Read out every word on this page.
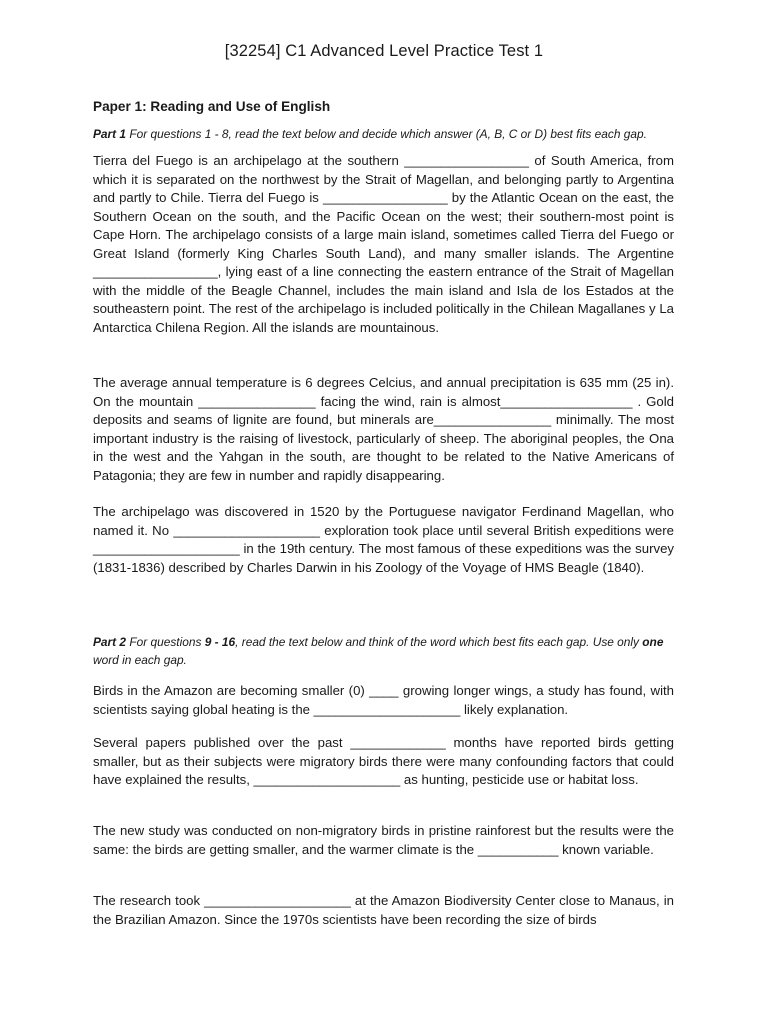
[32254] C1 Advanced Level Practice Test 1
Paper 1: Reading and Use of English
Part 1 For questions 1 - 8, read the text below and decide which answer (A, B, C or D) best fits each gap.

Tierra del Fuego is an archipelago at the southern _________________ of South America, from which it is separated on the northwest by the Strait of Magellan, and belonging partly to Argentina and partly to Chile. Tierra del Fuego is _________________ by the Atlantic Ocean on the east, the Southern Ocean on the south, and the Pacific Ocean on the west; their southern-most point is Cape Horn. The archipelago consists of a large main island, sometimes called Tierra del Fuego or Great Island (formerly King Charles South Land), and many smaller islands. The Argentine _________________, lying east of a line connecting the eastern entrance of the Strait of Magellan with the middle of the Beagle Channel, includes the main island and Isla de los Estados at the southeastern point. The rest of the archipelago is included politically in the Chilean Magallanes y La Antarctica Chilena Region. All the islands are mountainous.

The average annual temperature is 6 degrees Celcius, and annual precipitation is 635 mm (25 in). On the mountain ________________ facing the wind, rain is almost__________________ . Gold deposits and seams of lignite are found, but minerals are________________ minimally. The most important industry is the raising of livestock, particularly of sheep. The aboriginal peoples, the Ona in the west and the Yahgan in the south, are thought to be related to the Native Americans of Patagonia; they are few in number and rapidly disappearing.

The archipelago was discovered in 1520 by the Portuguese navigator Ferdinand Magellan, who named it. No ____________________ exploration took place until several British expeditions were ____________________ in the 19th century. The most famous of these expeditions was the survey (1831-1836) described by Charles Darwin in his Zoology of the Voyage of HMS Beagle (1840).

Part 2 For questions 9 - 16, read the text below and think of the word which best fits each gap. Use only one word in each gap.

Birds in the Amazon are becoming smaller (0) ____ growing longer wings, a study has found, with scientists saying global heating is the ____________________ likely explanation.

Several papers published over the past _____________ months have reported birds getting smaller, but as their subjects were migratory birds there were many confounding factors that could have explained the results, ____________________ as hunting, pesticide use or habitat loss.

The new study was conducted on non-migratory birds in pristine rainforest but the results were the same: the birds are getting smaller, and the warmer climate is the ___________ known variable.

The research took ____________________ at the Amazon Biodiversity Center close to Manaus, in the Brazilian Amazon. Since the 1970s scientists have been recording the size of birds
